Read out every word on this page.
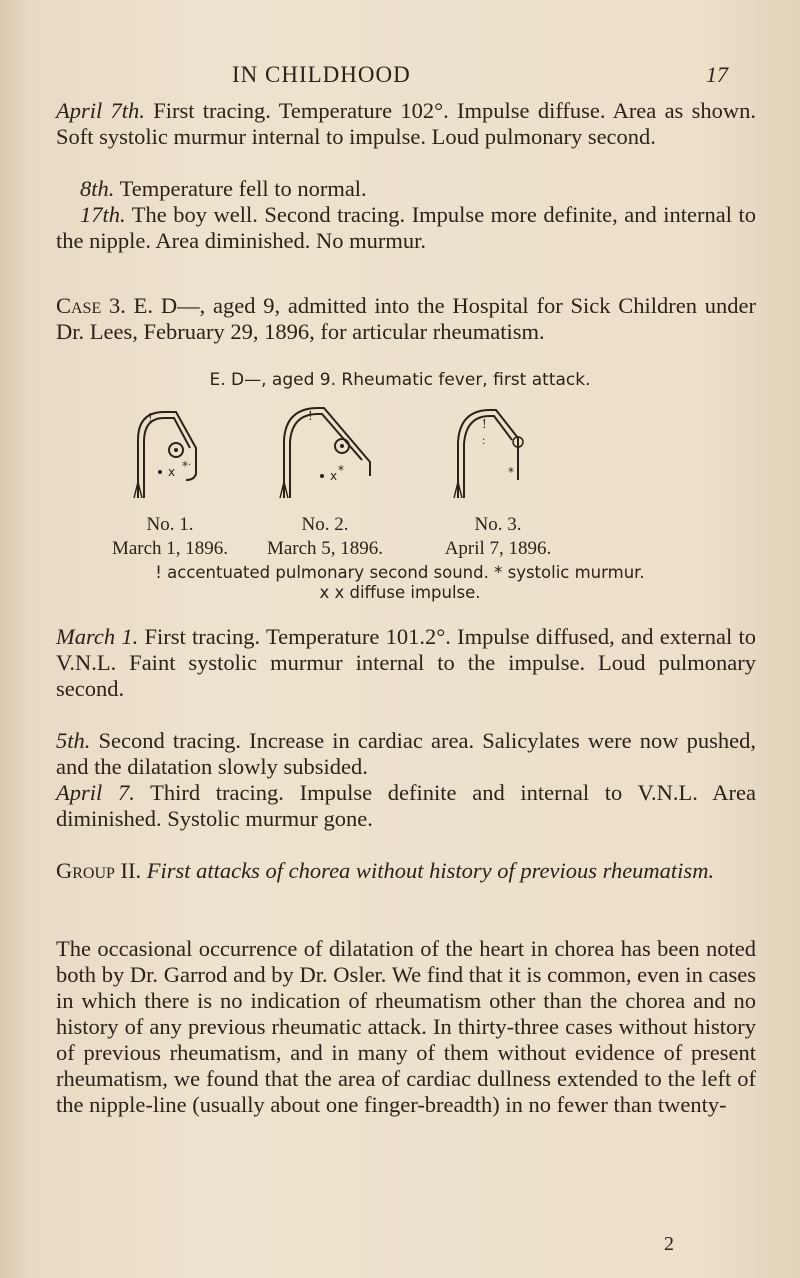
IN CHILDHOOD	17

April 7th. First tracing. Temperature 102°. Impulse diffuse. Area as shown. Soft systolic murmur internal to impulse. Loud pulmonary second.

8th. Temperature fell to normal.

17th. The boy well. Second tracing. Impulse more definite, and internal to the nipple. Area diminished. No murmur.

Case 3. E. D—, aged 9, admitted into the Hospital for Sick Children under Dr. Lees, February 29, 1896, for articular rheumatism.

E. D—, aged 9. Rheumatic fever, first attack.
!
x * ·
!
x *
!
:
*
No. 1.
March 1, 1896.
No. 2.
March 5, 1896.
No. 3.
April 7, 1896.
! accentuated pulmonary second sound. * systolic murmur.
x x diffuse impulse.

March 1. First tracing. Temperature 101.2°. Impulse diffused, and external to V.N.L. Faint systolic murmur internal to the impulse. Loud pulmonary second.

5th. Second tracing. Increase in cardiac area. Salicylates were now pushed, and the dilatation slowly subsided.

April 7. Third tracing. Impulse definite and internal to V.N.L. Area diminished. Systolic murmur gone.

Group II. First attacks of chorea without history of previous rheumatism.

The occasional occurrence of dilatation of the heart in chorea has been noted both by Dr. Garrod and by Dr. Osler. We find that it is common, even in cases in which there is no indication of rheumatism other than the chorea and no history of any previous rheumatic attack. In thirty-three cases without history of previous rheumatism, and in many of them without evidence of present rheumatism, we found that the area of cardiac dullness extended to the left of the nipple-line (usually about one finger-breadth) in no fewer than twenty-

2
